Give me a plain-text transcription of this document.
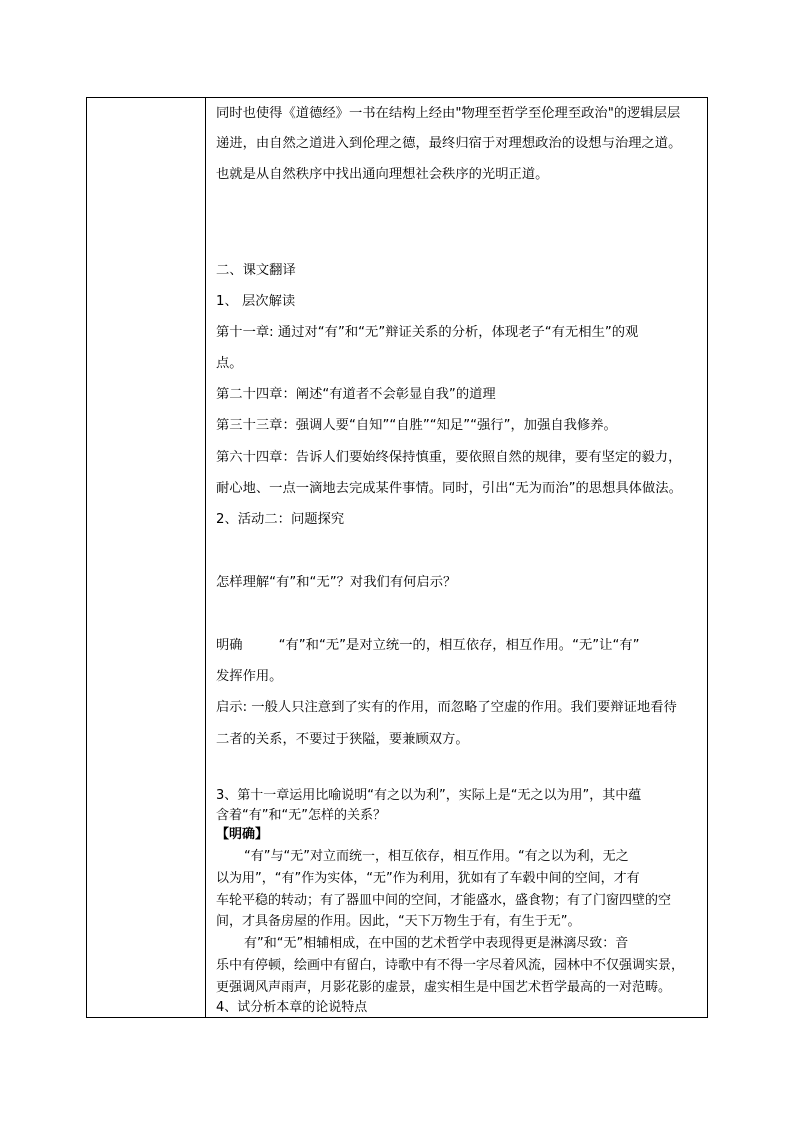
同时也使得《道德经》一书在结构上经由"物理至哲学至伦理至政治"的逻辑层层
递进，由自然之道进入到伦理之德，最终归宿于对理想政治的设想与治理之道。
也就是从自然秩序中找出通向理想社会秩序的光明正道。
二、课文翻译
1、 层次解读
第十一章: 通过对“有”和“无”辩证关系的分析，体现老子“有无相生”的观
点。
第二十四章：阐述“有道者不会彰显自我”的道理
第三十三章：强调人要“自知”“自胜”“知足”“强行”，加强自我修养。
第六十四章：告诉人们要始终保持慎重，要依照自然的规律，要有坚定的毅力，
耐心地、一点一滴地去完成某件事情。同时，引出“无为而治”的思想具体做法。
2、活动二：问题探究
怎样理解“有”和“无”？对我们有何启示？
明确	“有”和“无”是对立统一的，相互依存，相互作用。“无”让“有”
发挥作用。
启示: 一般人只注意到了实有的作用，而忽略了空虚的作用。我们要辩证地看待
二者的关系，不要过于狭隘，要兼顾双方。
3、第十一章运用比喻说明“有之以为利”，实际上是“无之以为用”，其中蕴
含着“有”和“无”怎样的关系？
【明确】
“有”与“无”对立而统一，相互依存，相互作用。“有之以为利，无之
以为用”，“有”作为实体，“无”作为利用，犹如有了车毂中间的空间，才有
车轮平稳的转动；有了器皿中间的空间，才能盛水，盛食物；有了门窗四壁的空
间，才具备房屋的作用。因此，“天下万物生于有，有生于无”。
有”和“无”相辅相成，在中国的艺术哲学中表现得更是淋漓尽致：音
乐中有停顿，绘画中有留白，诗歌中有不得一字尽着风流，园林中不仅强调实景，
更强调风声雨声，月影花影的虚景，虚实相生是中国艺术哲学最高的一对范畴。
4、试分析本章的论说特点
